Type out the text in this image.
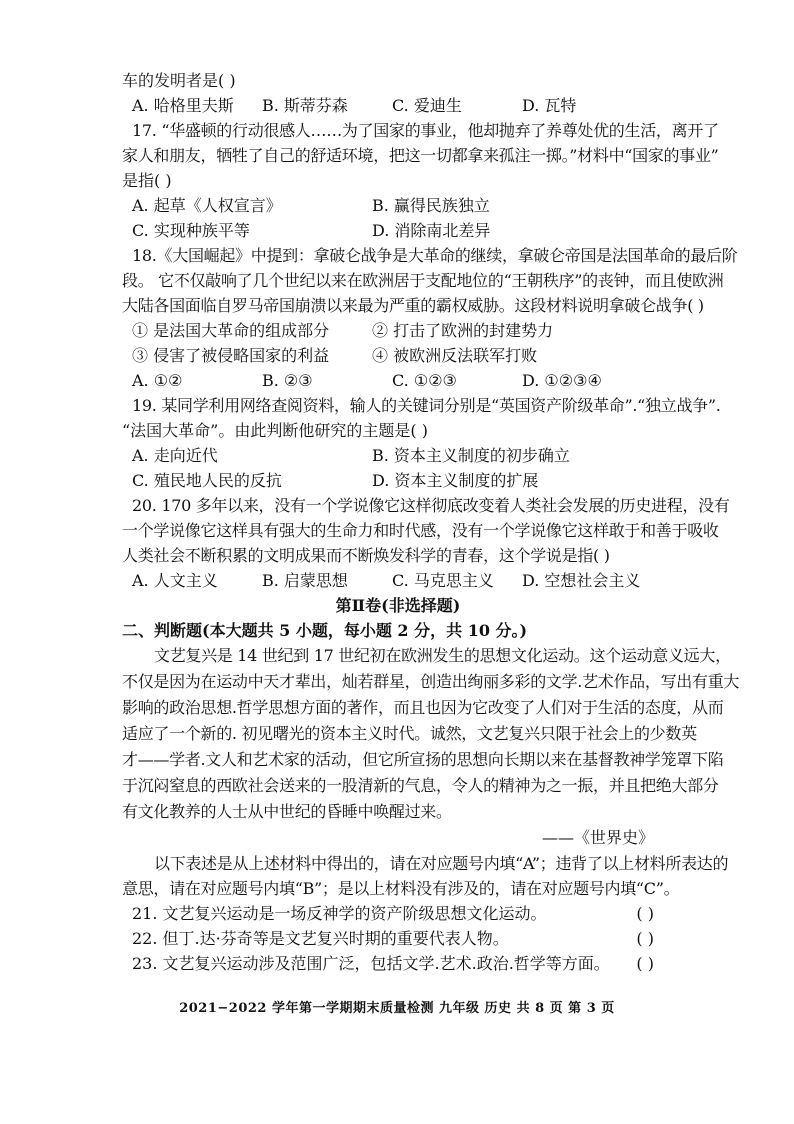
车的发明者是( )
A. 哈格里夫斯	B. 斯蒂芬森	C. 爱迪生	D. 瓦特
17. “华盛顿的行动很感人……为了国家的事业，他却抛弃了养尊处优的生活，离开了
家人和朋友，牺牲了自己的舒适环境，把这一切都拿来孤注一掷。”材料中“国家的事业”
是指( )
A. 起草《人权宣言》	B. 赢得民族独立
C. 实现种族平等	D. 消除南北差异
18.《大国崛起》中提到：拿破仑战争是大革命的继续，拿破仑帝国是法国革命的最后阶
段。 它不仅敲响了几个世纪以来在欧洲居于支配地位的“王朝秩序”的丧钟，而且使欧洲
大陆各国面临自罗马帝国崩溃以来最为严重的霸权威胁。这段材料说明拿破仑战争( )
① 是法国大革命的组成部分	② 打击了欧洲的封建势力
③ 侵害了被侵略国家的利益	④ 被欧洲反法联军打败
A. ①②	B. ②③	C. ①②③	D. ①②③④
19. 某同学利用网络查阅资料，输人的关键词分别是“英国资产阶级革命”.“独立战争”.
“法国大革命”。由此判断他研究的主题是( )
A. 走向近代	B. 资本主义制度的初步确立
C. 殖民地人民的反抗	D. 资本主义制度的扩展
20. 170 多年以来，没有一个学说像它这样彻底改变着人类社会发展的历史进程，没有
一个学说像它这样具有强大的生命力和时代感，没有一个学说像它这样敢于和善于吸收
人类社会不断积累的文明成果而不断焕发科学的青春，这个学说是指( )
A. 人文主义	B. 启蒙思想	C. 马克思主义	D. 空想社会主义
第Ⅱ卷(非选择题)
二、判断题(本大题共 5 小题，每小题 2 分，共 10 分。)
文艺复兴是 14 世纪到 17 世纪初在欧洲发生的思想文化运动。这个运动意义远大，
不仅是因为在运动中天才辈出，灿若群星，创造出绚丽多彩的文学.艺术作品，写出有重大
影响的政治思想.哲学思想方面的著作，而且也因为它改变了人们对于生活的态度，从而
适应了一个新的. 初见曙光的资本主义时代。诚然，文艺复兴只限于社会上的少数英
才——学者.文人和艺术家的活动，但它所宣扬的思想向长期以来在基督教神学笼罩下陷
于沉闷窒息的西欧社会送来的一股清新的气息，令人的精神为之一振，并且把绝大部分
有文化教养的人士从中世纪的昏睡中唤醒过来。
——《世界史》
以下表述是从上述材料中得出的，请在对应题号内填“A”；违背了以上材料所表达的
意思，请在对应题号内填“B”；是以上材料没有涉及的，请在对应题号内填“C”。
21. 文艺复兴运动是一场反神学的资产阶级思想文化运动。	( )
22. 但丁.达·芬奇等是文艺复兴时期的重要代表人物。	( )
23. 文艺复兴运动涉及范围广泛，包括文学.艺术.政治.哲学等方面。 ( )
2021−2022 学年第一学期期末质量检测 九年级 历史 共 8 页 第 3 页
